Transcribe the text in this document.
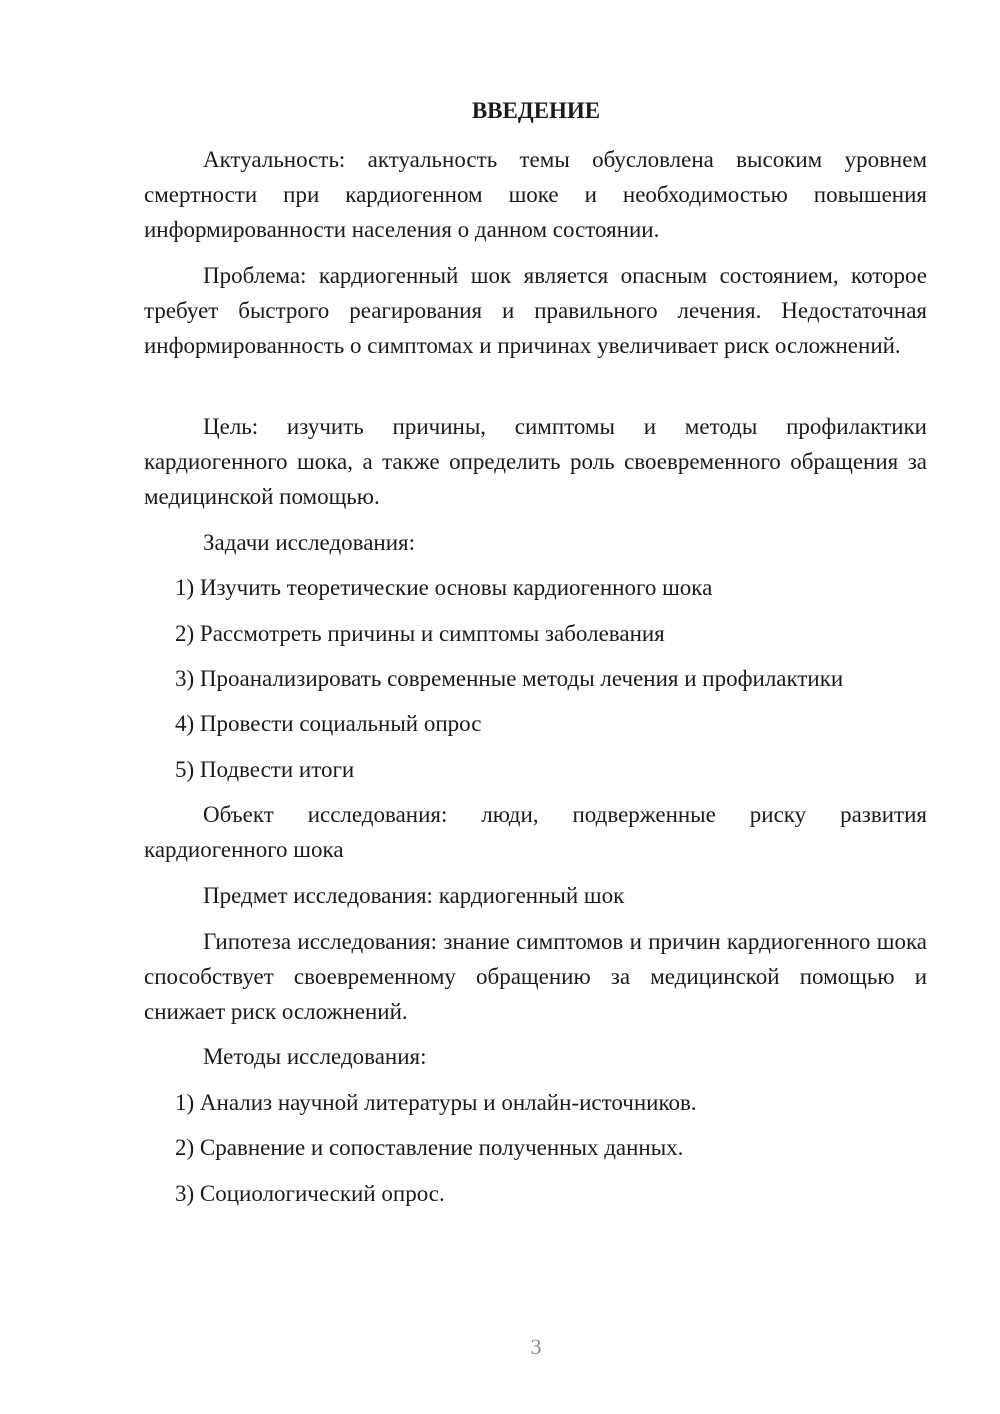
ВВЕДЕНИЕ

Актуальность: актуальность темы обусловлена высоким уровнем смертности при кардиогенном шоке и необходимостью повышения информированности населения о данном состоянии.

Проблема: кардиогенный шок является опасным состоянием, которое требует быстрого реагирования и правильного лечения. Недостаточная информированность о симптомах и причинах увеличивает риск осложнений.

Цель: изучить причины, симптомы и методы профилактики кардиогенного шока, а также определить роль своевременного обращения за медицинской помощью.

Задачи исследования:

1) Изучить теоретические основы кардиогенного шока

2) Рассмотреть причины и симптомы заболевания

3) Проанализировать современные методы лечения и профилактики

4) Провести социальный опрос

5) Подвести итоги

Объект исследования: люди, подверженные риску развития кардиогенного шока

Предмет исследования: кардиогенный шок

Гипотеза исследования: знание симптомов и причин кардиогенного шока способствует своевременному обращению за медицинской помощью и снижает риск осложнений.

Методы исследования:

1) Анализ научной литературы и онлайн-источников.

2) Сравнение и сопоставление полученных данных.

3) Социологический опрос.

3
